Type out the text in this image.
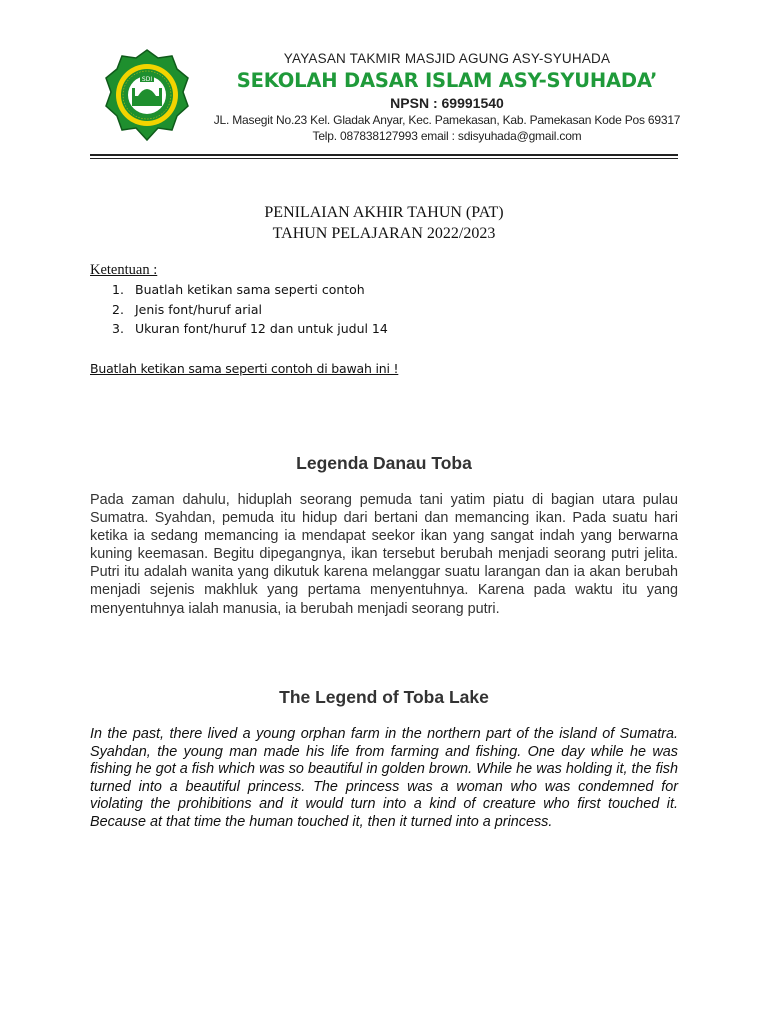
SDI
YAYASAN TAKMIR MASJID AGUNG ASY-SYUHADA
SEKOLAH DASAR ISLAM ASY-SYUHADA’
NPSN : 69991540
JL. Masegit No.23 Kel. Gladak Anyar, Kec. Pamekasan, Kab. Pamekasan Kode Pos 69317
Telp. 087838127993 email : sdisyuhada@gmail.com
PENILAIAN AKHIR TAHUN (PAT)
TAHUN PELAJARAN 2022/2023
Ketentuan :
1. Buatlah ketikan sama seperti contoh
2. Jenis font/huruf arial
3. Ukuran font/huruf 12 dan untuk judul 14
Buatlah ketikan sama seperti contoh di bawah ini !
Legenda Danau Toba
Pada zaman dahulu, hiduplah seorang pemuda tani yatim piatu di bagian utara pulau Sumatra. Syahdan, pemuda itu hidup dari bertani dan memancing ikan. Pada suatu hari ketika ia sedang memancing ia mendapat seekor ikan yang sangat indah yang berwarna kuning keemasan. Begitu dipegangnya, ikan tersebut berubah menjadi seorang putri jelita. Putri itu adalah wanita yang dikutuk karena melanggar suatu larangan dan ia akan berubah menjadi sejenis makhluk yang pertama menyentuhnya. Karena pada waktu itu yang menyentuhnya ialah manusia, ia berubah menjadi seorang putri.
The Legend of Toba Lake
In the past, there lived a young orphan farm in the northern part of the island of Sumatra. Syahdan, the young man made his life from farming and fishing. One day while he was fishing he got a fish which was so beautiful in golden brown. While he was holding it, the fish turned into a beautiful princess. The princess was a woman who was condemned for violating the prohibitions and it would turn into a kind of creature who first touched it. Because at that time the human touched it, then it turned into a princess.
